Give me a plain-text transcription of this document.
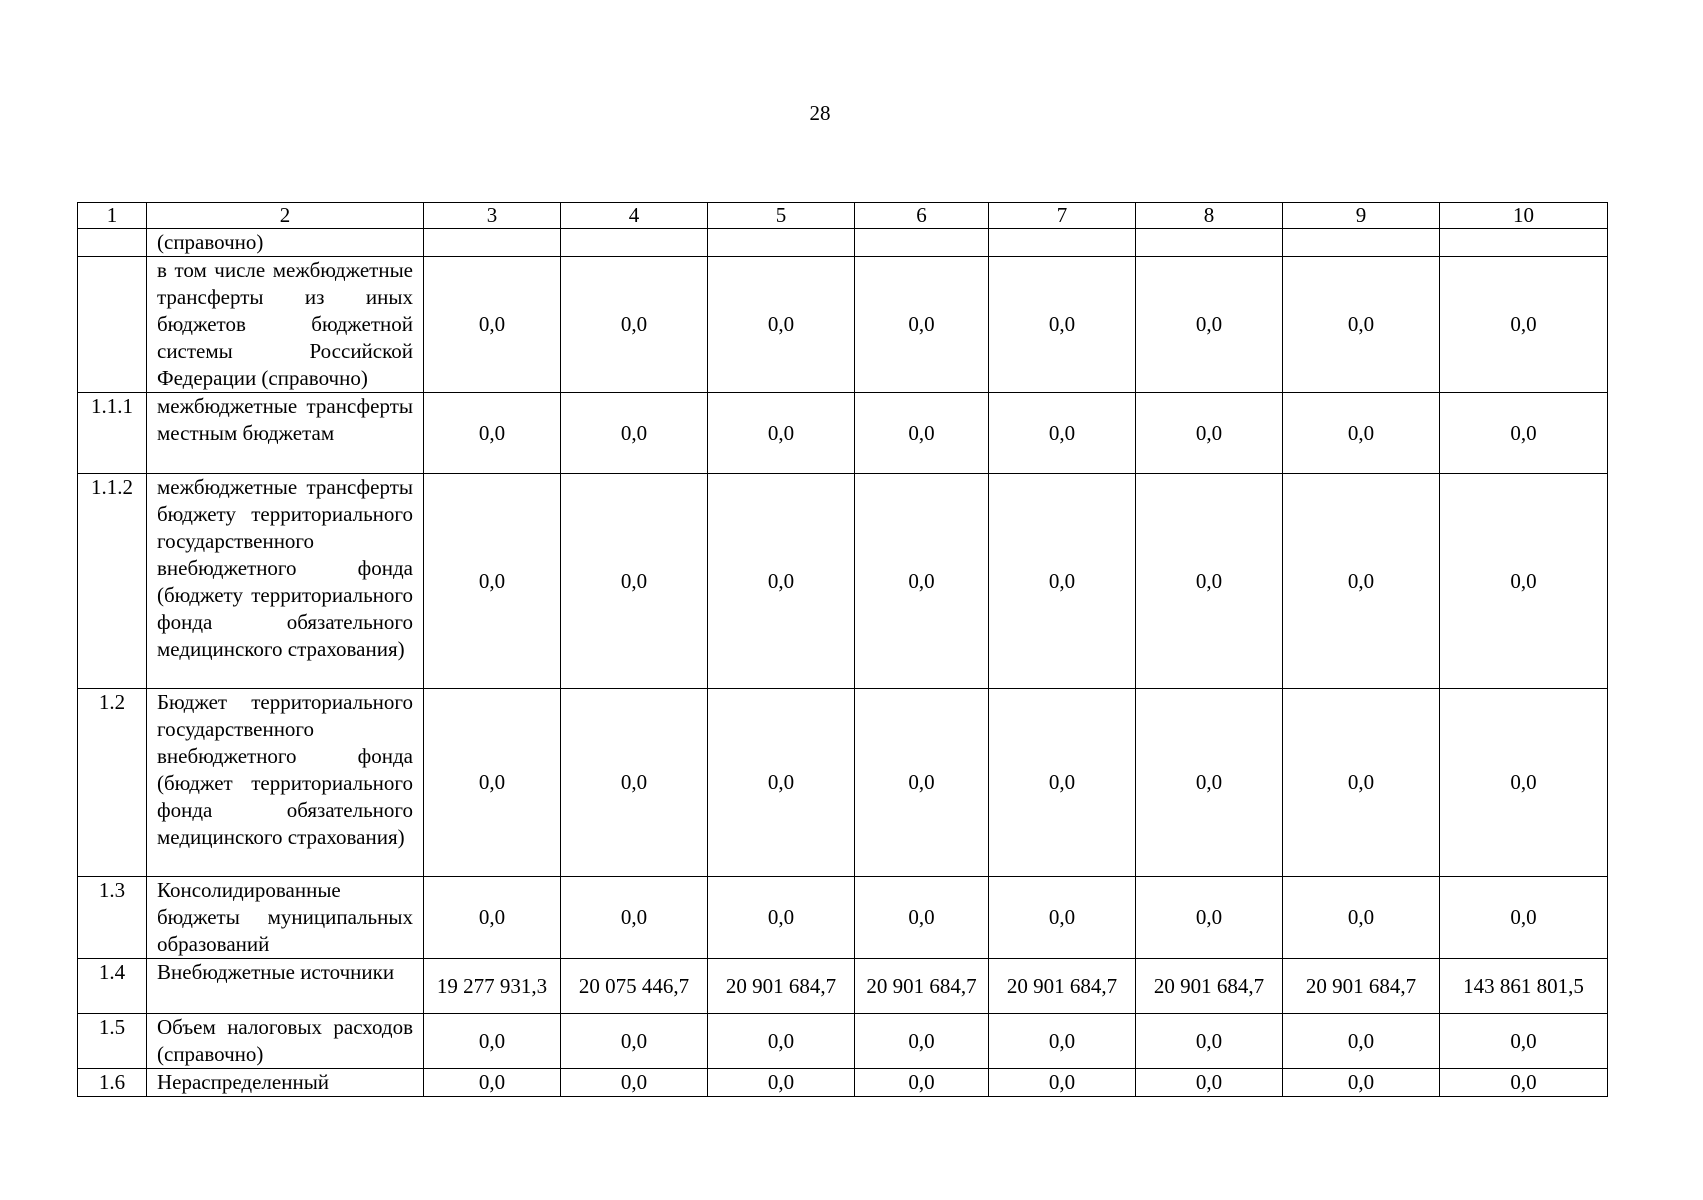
28
1	2	3	4	5	6	7	8	9	10
	(справочно)								
	в том числе межбюджетные трансферты из иных бюджетов бюджетной системы Российской Федерации (справочно)	0,0	0,0	0,0	0,0	0,0	0,0	0,0	0,0
1.1.1	межбюджетные трансферты местным бюджетам	0,0	0,0	0,0	0,0	0,0	0,0	0,0	0,0
1.1.2	межбюджетные трансферты бюджету территориального государственного внебюджетного фонда (бюджету территориального фонда обязательного медицинского страхования)	0,0	0,0	0,0	0,0	0,0	0,0	0,0	0,0
1.2	Бюджет территориального государственного внебюджетного фонда (бюджет территориального фонда обязательного медицинского страхования)	0,0	0,0	0,0	0,0	0,0	0,0	0,0	0,0
1.3	Консолидированные бюджеты муниципальных образований	0,0	0,0	0,0	0,0	0,0	0,0	0,0	0,0
1.4	Внебюджетные источники	19 277 931,3	20 075 446,7	20 901 684,7	20 901 684,7	20 901 684,7	20 901 684,7	20 901 684,7	143 861 801,5
1.5	Объем налоговых расходов (справочно)	0,0	0,0	0,0	0,0	0,0	0,0	0,0	0,0
1.6	Нераспределенный	0,0	0,0	0,0	0,0	0,0	0,0	0,0	0,0
